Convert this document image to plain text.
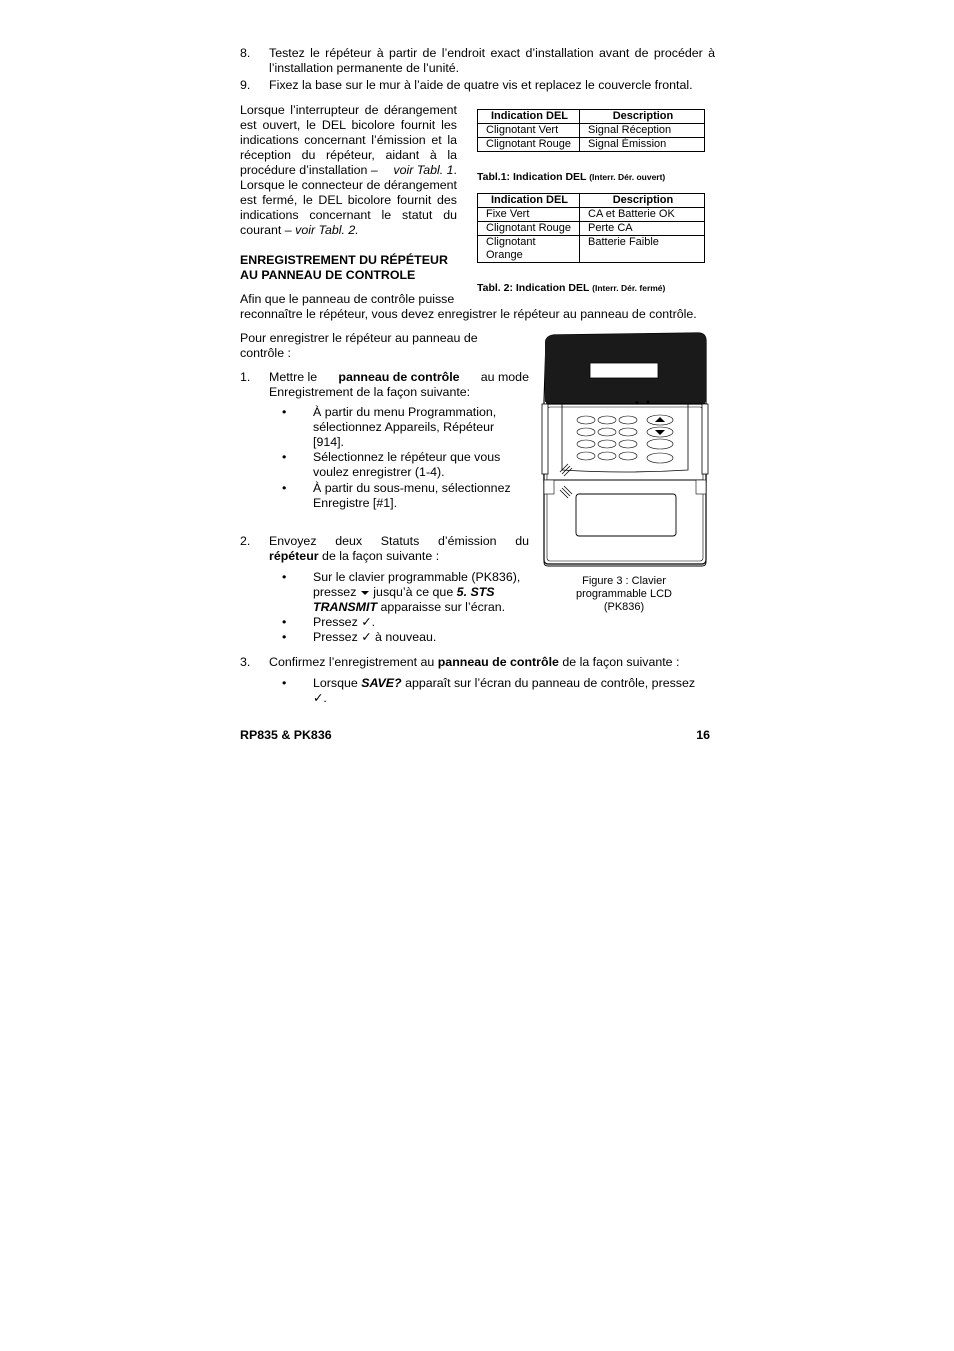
8. Testez le répéteur à partir de l’endroit exact d’installation avant de procéder à
l’installation permanente de l’unité.
9. Fixez la base sur le mur à l’aide de quatre vis et replacez le couvercle frontal.
Lorsque l’interrupteur de dérangement
est ouvert, le DEL bicolore fournit les
indications concernant l’émission et la
réception du répéteur, aidant à la
procédure d’installation – voir Tabl. 1.
Lorsque le connecteur de dérangement
est fermé, le DEL bicolore fournit des
indications concernant le statut du
courant – voir Tabl. 2.
Indication DEL	Description
Clignotant Vert	Signal Réception
Clignotant Rouge	Signal Émission
Tabl.1: Indication DEL (Interr. Dér. ouvert)
Indication DEL	Description
Fixe Vert	CA et Batterie OK
Clignotant Rouge	Perte CA
Clignotant Orange	Batterie Faible
Tabl. 2: Indication DEL (Interr. Dér. fermé)
ENREGISTREMENT DU RÉPÉTEUR
AU PANNEAU DE CONTROLE
Afin que le panneau de contrôle puisse
reconnaître le répéteur, vous devez enregistrer le répéteur au panneau de contrôle.
Pour enregistrer le répéteur au panneau de
contrôle :
1. Mettre le panneau de contrôle au mode
Enregistrement de la façon suivante:
• À partir du menu Programmation,
sélectionnez Appareils, Répéteur
[914].
• Sélectionnez le répéteur que vous
voulez enregistrer (1-4).
• À partir du sous-menu, sélectionnez
Enregistre [#1].
2. Envoyez deux Statuts d’émission du
répéteur de la façon suivante :
• Sur le clavier programmable (PK836),
pressez jusqu’à ce que 5. STS
TRANSMIT apparaisse sur l’écran.
• Pressez ✓.
• Pressez ✓ à nouveau.
3. Confirmez l’enregistrement au panneau de contrôle de la façon suivante :
• Lorsque SAVE? apparaît sur l’écran du panneau de contrôle, pressez
✓.
Figure 3 : Clavier
programmable LCD
(PK836)
RP835 & PK836	16
